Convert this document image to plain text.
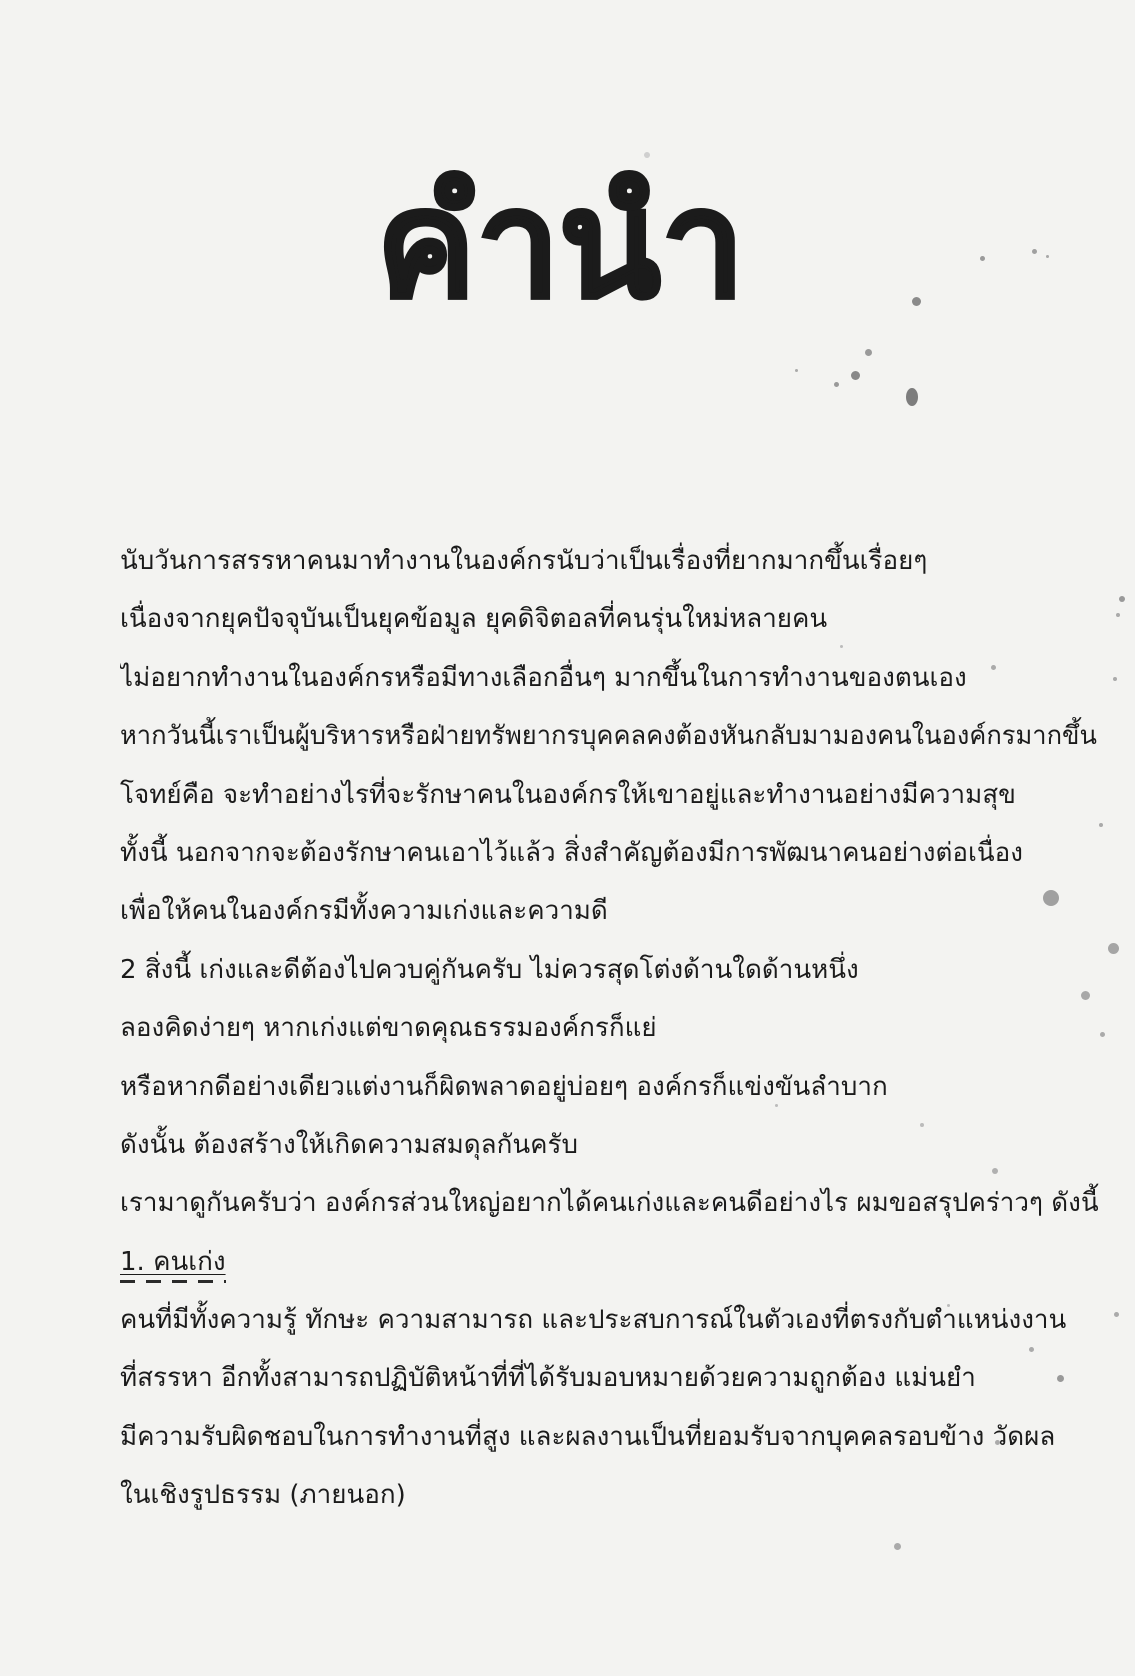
คำนำ
นับวันการสรรหาคนมาทำงานในองค์กรนับว่าเป็นเรื่องที่ยากมากขึ้นเรื่อยๆ
เนื่องจากยุคปัจจุบันเป็นยุคข้อมูล ยุคดิจิตอลที่คนรุ่นใหม่หลายคน
ไม่อยากทำงานในองค์กรหรือมีทางเลือกอื่นๆ มากขึ้นในการทำงานของตนเอง
หากวันนี้เราเป็นผู้บริหารหรือฝ่ายทรัพยากรบุคคลคงต้องหันกลับมามองคนในองค์กรมากขึ้น
โจทย์คือ จะทำอย่างไรที่จะรักษาคนในองค์กรให้เขาอยู่และทำงานอย่างมีความสุข
ทั้งนี้ นอกจากจะต้องรักษาคนเอาไว้แล้ว สิ่งสำคัญต้องมีการพัฒนาคนอย่างต่อเนื่อง
เพื่อให้คนในองค์กรมีทั้งความเก่งและความดี
2 สิ่งนี้ เก่งและดีต้องไปควบคู่กันครับ ไม่ควรสุดโต่งด้านใดด้านหนึ่ง
ลองคิดง่ายๆ หากเก่งแต่ขาดคุณธรรมองค์กรก็แย่
หรือหากดีอย่างเดียวแต่งานก็ผิดพลาดอยู่บ่อยๆ องค์กรก็แข่งขันลำบาก
ดังนั้น ต้องสร้างให้เกิดความสมดุลกันครับ
เรามาดูกันครับว่า องค์กรส่วนใหญ่อยากได้คนเก่งและคนดีอย่างไร ผมขอสรุปคร่าวๆ ดังนี้
1. คนเก่ง
คนที่มีทั้งความรู้ ทักษะ ความสามารถ และประสบการณ์ในตัวเองที่ตรงกับตำแหน่งงาน
ที่สรรหา อีกทั้งสามารถปฏิบัติหน้าที่ที่ได้รับมอบหมายด้วยความถูกต้อง แม่นยำ
มีความรับผิดชอบในการทำงานที่สูง และผลงานเป็นที่ยอมรับจากบุคคลรอบข้าง วัดผล
ในเชิงรูปธรรม (ภายนอก)
